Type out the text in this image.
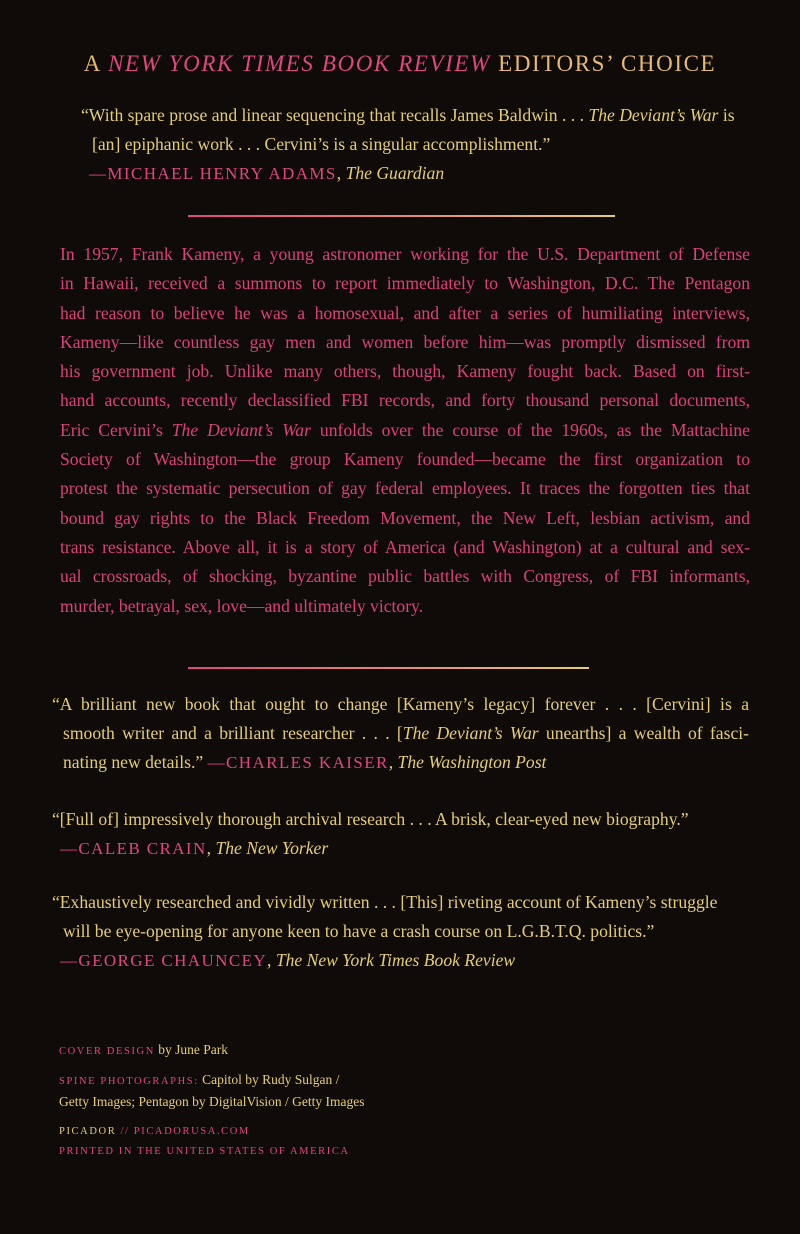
A NEW YORK TIMES BOOK REVIEW EDITORS’ CHOICE
“With spare prose and linear sequencing that recalls James Baldwin . . . The Deviant’s War is
[an] epiphanic work . . . Cervini’s is a singular accomplishment.”
—MICHAEL HENRY ADAMS, The Guardian
In 1957, Frank Kameny, a young astronomer working for the U.S. Department of Defense
in Hawaii, received a summons to report immediately to Washington, D.C. The Pentagon
had reason to believe he was a homosexual, and after a series of humiliating interviews,
Kameny—like countless gay men and women before him—was promptly dismissed from
his government job. Unlike many others, though, Kameny fought back. Based on first-
hand accounts, recently declassified FBI records, and forty thousand personal documents,
Eric Cervini’s The Deviant’s War unfolds over the course of the 1960s, as the Mattachine
Society of Washington—the group Kameny founded—became the first organization to
protest the systematic persecution of gay federal employees. It traces the forgotten ties that
bound gay rights to the Black Freedom Movement, the New Left, lesbian activism, and
trans resistance. Above all, it is a story of America (and Washington) at a cultural and sex-
ual crossroads, of shocking, byzantine public battles with Congress, of FBI informants,
murder, betrayal, sex, love—and ultimately victory.
“A brilliant new book that ought to change [Kameny’s legacy] forever . . . [Cervini] is a
smooth writer and a brilliant researcher . . . [The Deviant’s War unearths] a wealth of fasci-
nating new details.” —CHARLES KAISER, The Washington Post
“[Full of] impressively thorough archival research . . . A brisk, clear-eyed new biography.”
—CALEB CRAIN, The New Yorker
“Exhaustively researched and vividly written . . . [This] riveting account of Kameny’s struggle
will be eye-opening for anyone keen to have a crash course on L.G.B.T.Q. politics.”
—GEORGE CHAUNCEY, The New York Times Book Review
COVER DESIGN by June Park
SPINE PHOTOGRAPHS: Capitol by Rudy Sulgan /
Getty Images; Pentagon by DigitalVision / Getty Images
PICADOR // PICADORUSA.COM
PRINTED IN THE UNITED STATES OF AMERICA
